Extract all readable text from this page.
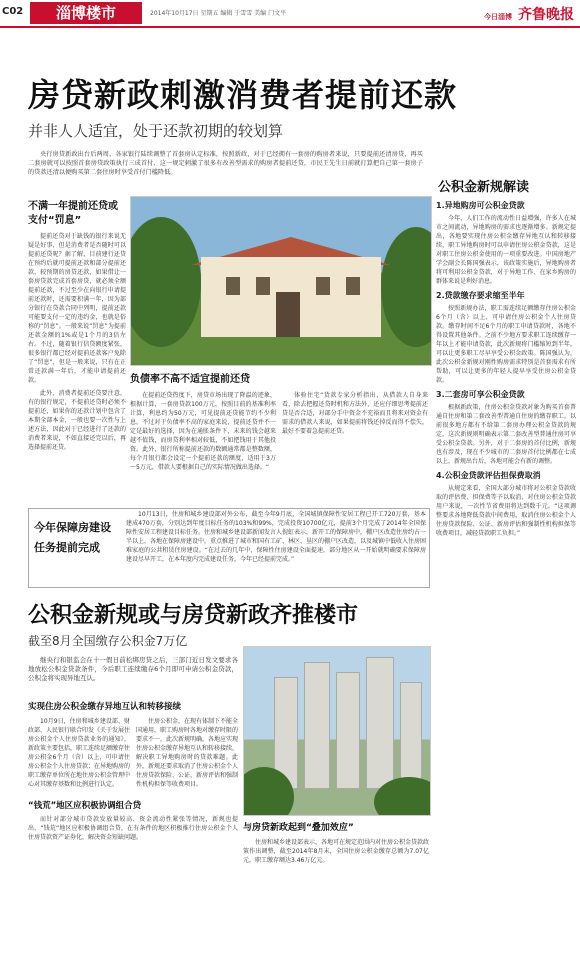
C02	淄博楼市	2014年10月17日 星期五 编辑 于雪雪 美编 门文平	今日淄博 齐鲁晚报
房贷新政刺激消费者提前还款
并非人人适宜，处于还款初期的较划算

央行房贷新政出台后两周，各家银行陆续调整了首套房认定标准，按照新政，对于已经拥有一套房的购房者来说，只要提前还清房贷，再买二套房就可以按照首套房贷政策执行三成首付、这一规定刺激了很多有改善型需求的购房者提前还贷，市民王先生日前就打算把自己第一套房子的贷款还清以便购买第二套住房时享受首付门槛降低。

不满一年提前还贷或支付“罚息”

提前还贷对于缺钱的银行来说无疑是好事，但是消费者是否随时可以提前还贷呢？据了解，目前建行还贷在预约后就可提前还款和部分提前还款，较预期的房贷还款，如果借让一套房贷款完成首套房贷，就必须全额提前还款，不过至少在向银行申请提前还款时，还需要积满一年，因为部分银行在贷款合同中列明，提前还款可能要支付一定的违约金，也就是俗称的“罚息”。一般来说“罚息”为提前还款金额的1%或是1个月的3倍左右。不过，随着银行信贷额度紧张，很多银行都已经对提前还款客户免除了“罚息”，但是一般来说，只有在正常还款满一年后，才能申请提前还款。

此外，消费者提前还贷要注意，有的银行规定，不提前还贷时必须不提前还，如果你的还款计划中包含了本期全部本金，一般也要一次性与上述方法，因此对于已经进行了还款的消费者来说，不如直接还完以后，再选择提前还贷。

负债率不高不适宜提前还贷

在提前还贷热度下，房贷市场出现了降温的迹象，根据计算，一套房贷款100万元，按照目前的基准利率计算，利息约为50万元，可见提前还贷能节约不少利息。不过对于负债率不高的家庭来说，提前还贷并不一定是最好的选择，因为在通胀条件下，未来的钱会越来越不值钱，而房贷利率相对较低，不如把钱用于其他投资。此外，银行所称提前还款的数额通常都是整数额，每个月银行都会设定一个提前还款的额度，适用于3万～5万元，借款人要根据自己的实际情况做出选择。“

体验住宅“货款专家分析指出，从借款人自身来看，除去把握还贷时机和方法外，还应仔细思考提前还贷是否合适，对部分手中资金不充裕而且将来对资金有需求的借款人来说，如果提前将钱还掉反而得不偿失，最好不要着急提前还贷。

公积金新规解读
1.异地购房可公积金贷款

今年，人们工作的流动性日益增强，许多人在城市之间流动，异地购房的需求也逐渐增多。新规定提出，各地要实现住房公积金缴存异地互认和转移接续，职工异地购房时可以申请住房公积金贷款，这是对职工住房公积金使用的一项重要改进。中国房地产学会副会长陈国强表示，该政策实施后，异地购房者将可利用公积金贷款，对于异地工作、在家乡购房的群体来说是利好消息。

2.贷款缴存要求缩至半年

按照新规办法，职工需连续足额缴存住房公积金6个月（含）以上，可申请住房公积金个人住房贷款。缴存时间不足6个月的职工申请贷款时，各地不得设置其他条件。之前不少地方要求职工连续缴存一年以上才能申请贷款，此次新规将门槛缩短到半年，可以让更多职工尽早享受公积金政策。陈国强认为，此次公积金新规对刚性购房需求特别是首套需求有所帮助，可以让更多的年轻人提早享受住房公积金贷款。

3.二套房可享公积金贷款

根据新政策，住房公积金贷款对象为购买首套普通自住房和第二套改善型普通自住房的缴存职工。以前很多地方都有不给第二套房办理公积金贷款的规定，这次新规则明确表示第二套改善型普通住房可享受公积金贷款。另外，对于二套房的首付比例，新规也有涉及，现在不少城市的二套房首付比例都在七成以上，新规出台后，各地可能会有新的调整。

4.公积金贷款评估担保费取消

从规定来看，全国大部分城市将对公积金贷款收取的评估费、担保费等予以取消，对住房公积金贷款用户来说，一次性节省费用将达到数千元。“这项调整要求各地降低贷款中间费用，取消住房公积金个人住房贷款保险、公证、新房评估和强制性机构担保等收费项目，减轻贷款职工负担。”

今年保障房建设
任务提前完成

10月13日，住房和城乡建设部对外公布，截至今年9月底，全国城镇保障性安居工程已开工720万套，基本建成470万套，分别达到年度目标任务的103%和99%，完成投资10700亿元，提前3个月完成了2014年全国保障性安居工程建设目标任务。住房和城乡建设部新闻发言人倪虹表示，新开工的保障房中，棚户区改造住房约占一半以上，各地在保障房建设中，重点推进了城市和国有工矿、林区、垦区的棚户区改造，以及城镇中低收入住房困难家庭的公共租赁住房建设。“在过去的几年中，保障性住房建设全面提速，部分地区从一开始就明确要求保障房建设尽早开工，在本年度内完成建设任务，今年已经提前完成。”

公积金新规或与房贷新政齐推楼市
截至8月全国缴存公积金7万亿

继央行和银监会在十一假日前松绑房贷之后，三部门近日发文要求各地放松公积金贷款条件，今后职工连续缴存6个月即可申请公积金贷款，公积金将实现异地互认。

实现住房公积金缴存异地互认和转移接续

10月9日，住房和城乡建设部、财政部、人民银行联合印发《关于发展住房公积金个人住房贷款业务的通知》，新政策主要包括，职工连续足额缴存住房公积金6个月（含）以上，可申请住房公积金个人住房贷款；在异地购房的职工缴存单位所在地住房公积金管理中心对其缴存基数和比例进行认定。

住房公积金，在现有体制下不能全国通用，职工购房时各地对缴存时限的要求不一，此次新规明确，各地应实现住房公积金缴存异地互认和转移接续，解决职工异地购房时的贷款难题。此外，新规还要求取消了住房公积金个人住房贷款保险、公证、新房评估和强制性机构担保等收费项目。

“钱荒”地区应积极协调组合贷

而针对部分城市贷款发放量较高、资金流动性紧张等情况，新规也提出，“钱荒”地区应积极协调组合贷，在有条件的地区积极推行住房公积金个人住房贷款资产证券化，解决资金短缺问题。

与房贷新政起到“叠加效应”

住房和城乡建设部表示，各地可在规定范围内对住房公积金贷款政策作出调整，截至2014年8月末，全国住房公积金缴存总额为7.07亿元，职工缴存额达3.46万亿元。
